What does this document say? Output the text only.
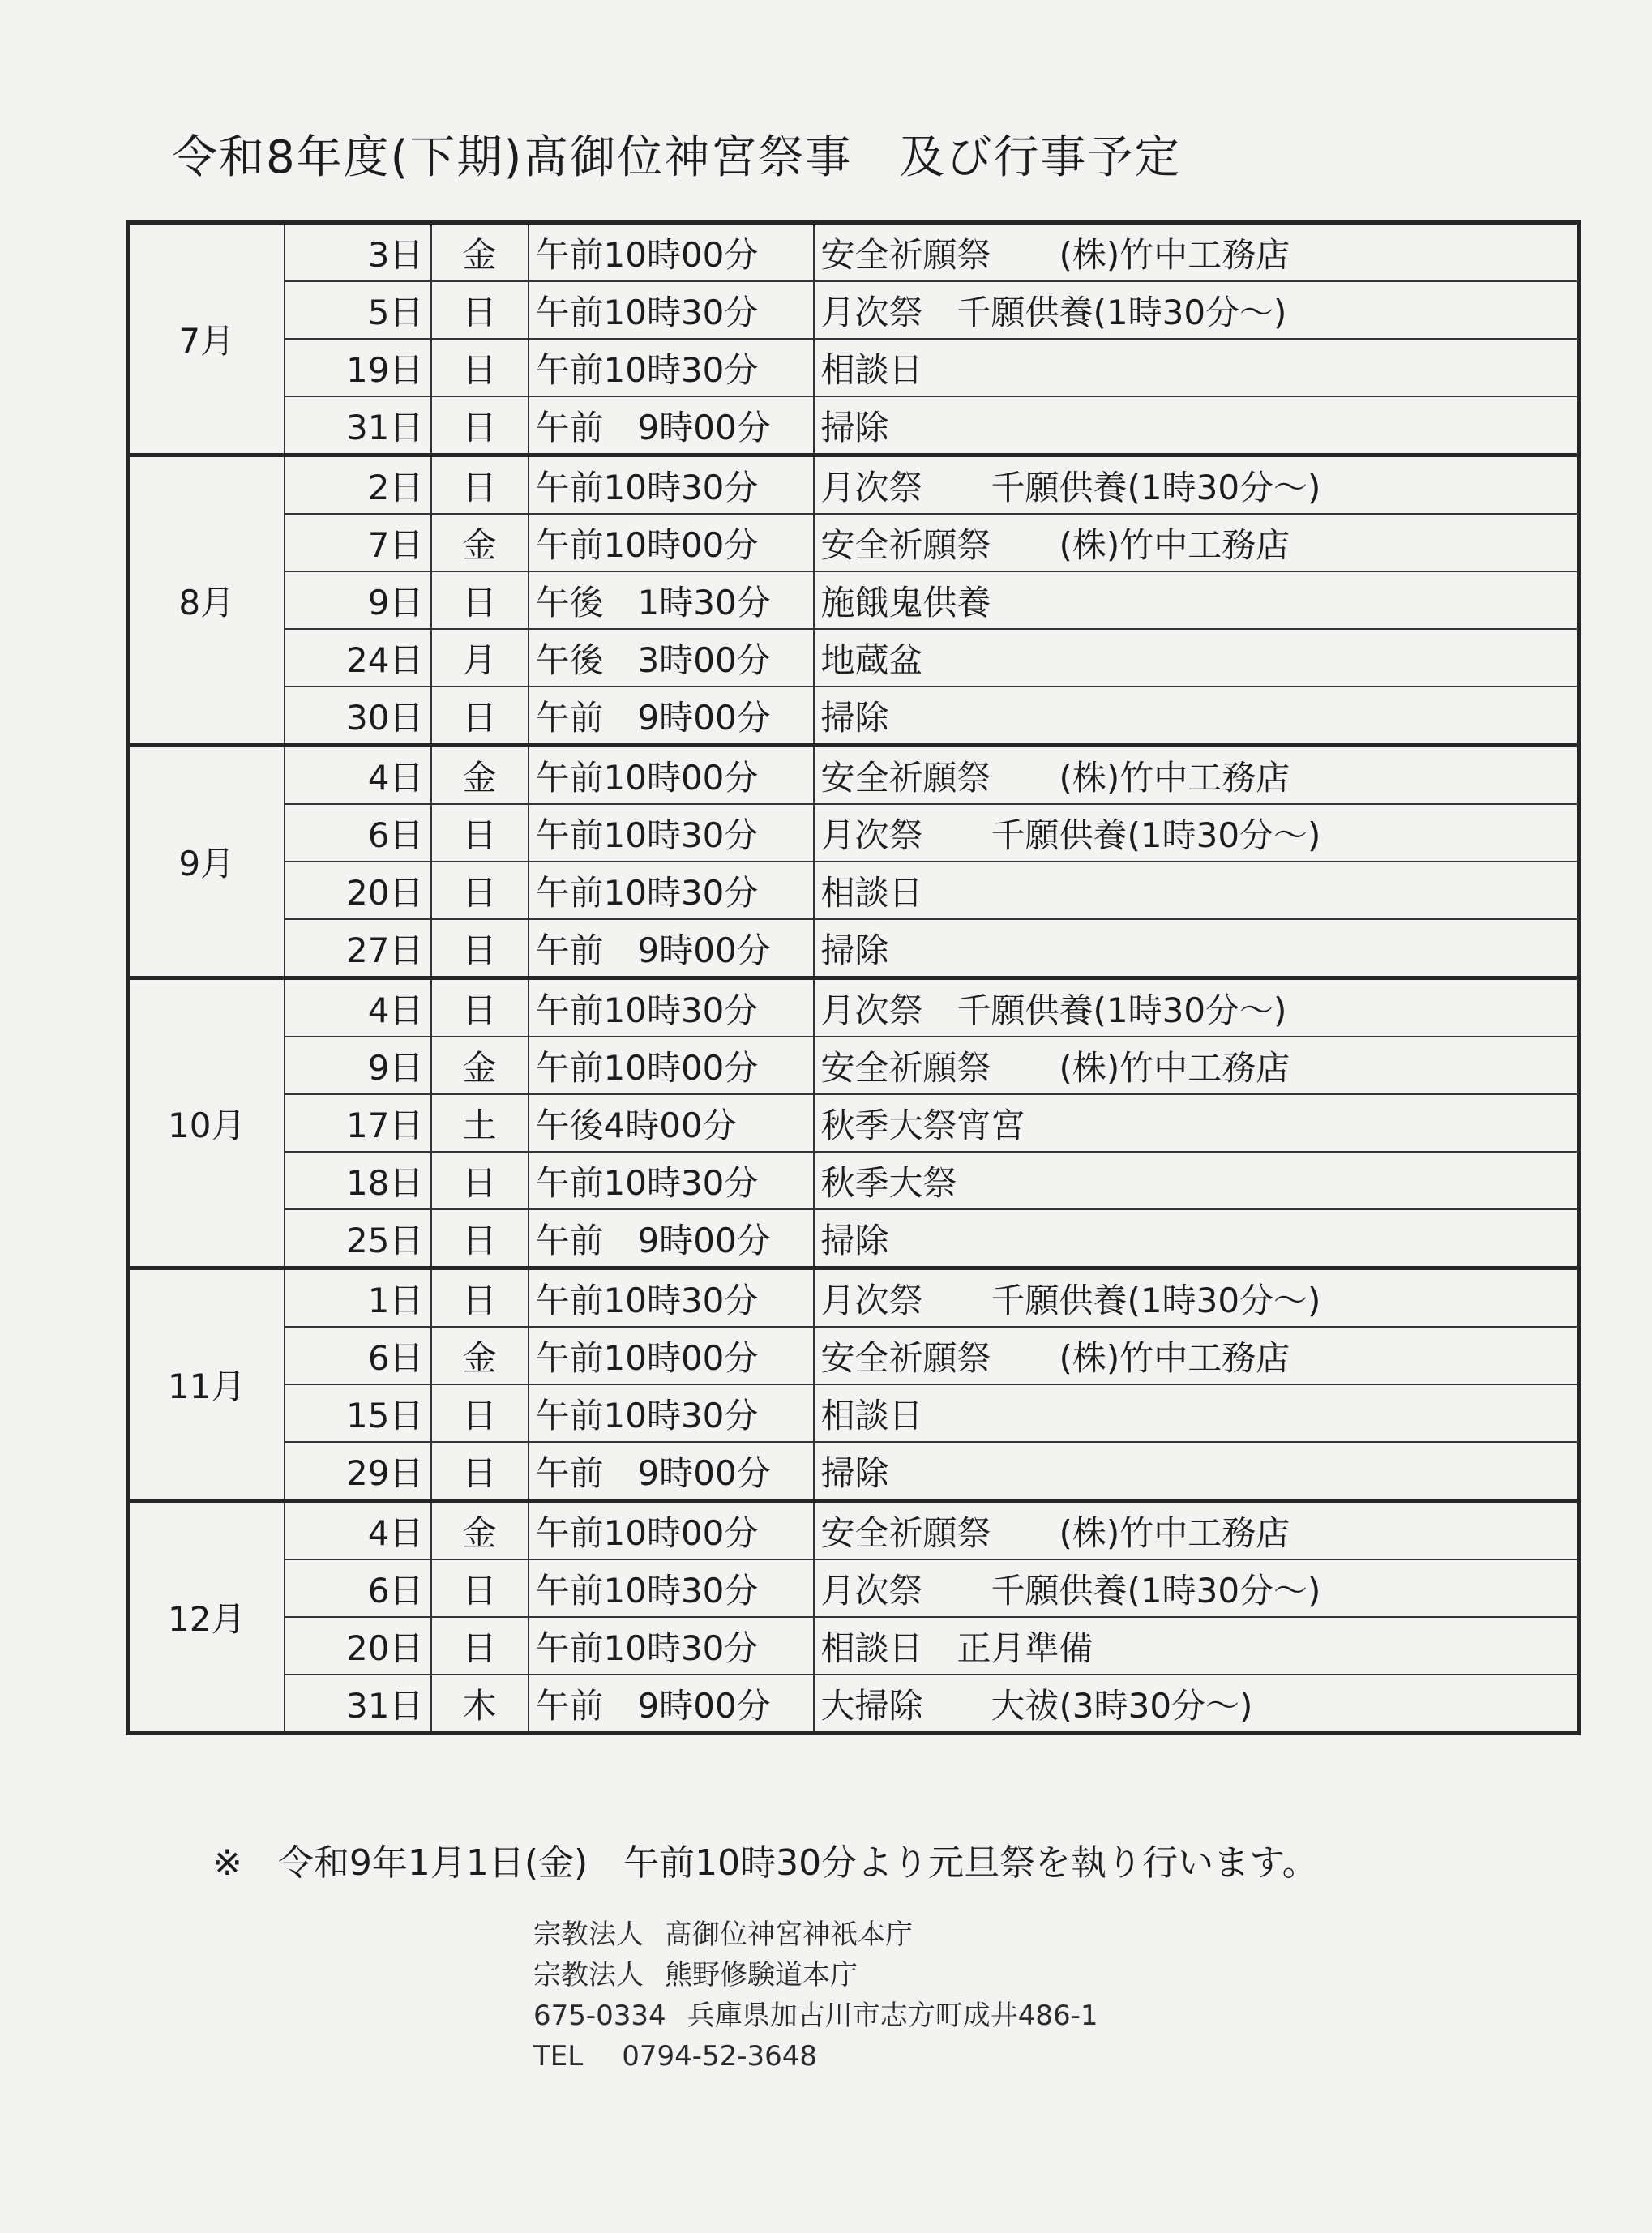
令和8年度(下期)髙御位神宮祭事　及び行事予定
7月	3日	金	午前10時00分	安全祈願祭　　(株)竹中工務店
	5日	日	午前10時30分	月次祭　千願供養(1時30分～)
	19日	日	午前10時30分	相談日
	31日	日	午前　9時00分	掃除
8月	2日	日	午前10時30分	月次祭　　千願供養(1時30分～)
	7日	金	午前10時00分	安全祈願祭　　(株)竹中工務店
	9日	日	午後　1時30分	施餓鬼供養
	24日	月	午後　3時00分	地蔵盆
	30日	日	午前　9時00分	掃除
9月	4日	金	午前10時00分	安全祈願祭　　(株)竹中工務店
	6日	日	午前10時30分	月次祭　　千願供養(1時30分～)
	20日	日	午前10時30分	相談日
	27日	日	午前　9時00分	掃除
10月	4日	日	午前10時30分	月次祭　千願供養(1時30分～)
	9日	金	午前10時00分	安全祈願祭　　(株)竹中工務店
	17日	土	午後4時00分	秋季大祭宵宮
	18日	日	午前10時30分	秋季大祭
	25日	日	午前　9時00分	掃除
11月	1日	日	午前10時30分	月次祭　　千願供養(1時30分～)
	6日	金	午前10時00分	安全祈願祭　　(株)竹中工務店
	15日	日	午前10時30分	相談日
	29日	日	午前　9時00分	掃除
12月	4日	金	午前10時00分	安全祈願祭　　(株)竹中工務店
	6日	日	午前10時30分	月次祭　　千願供養(1時30分～)
	20日	日	午前10時30分	相談日　正月準備
	31日	木	午前　9時00分	大掃除　　大祓(3時30分～)
※　令和9年1月1日(金)　午前10時30分より元旦祭を執り行います。
宗教法人 髙御位神宮神祇本庁
宗教法人 熊野修験道本庁
675-0334 兵庫県加古川市志方町成井486-1
TEL 0794-52-3648
